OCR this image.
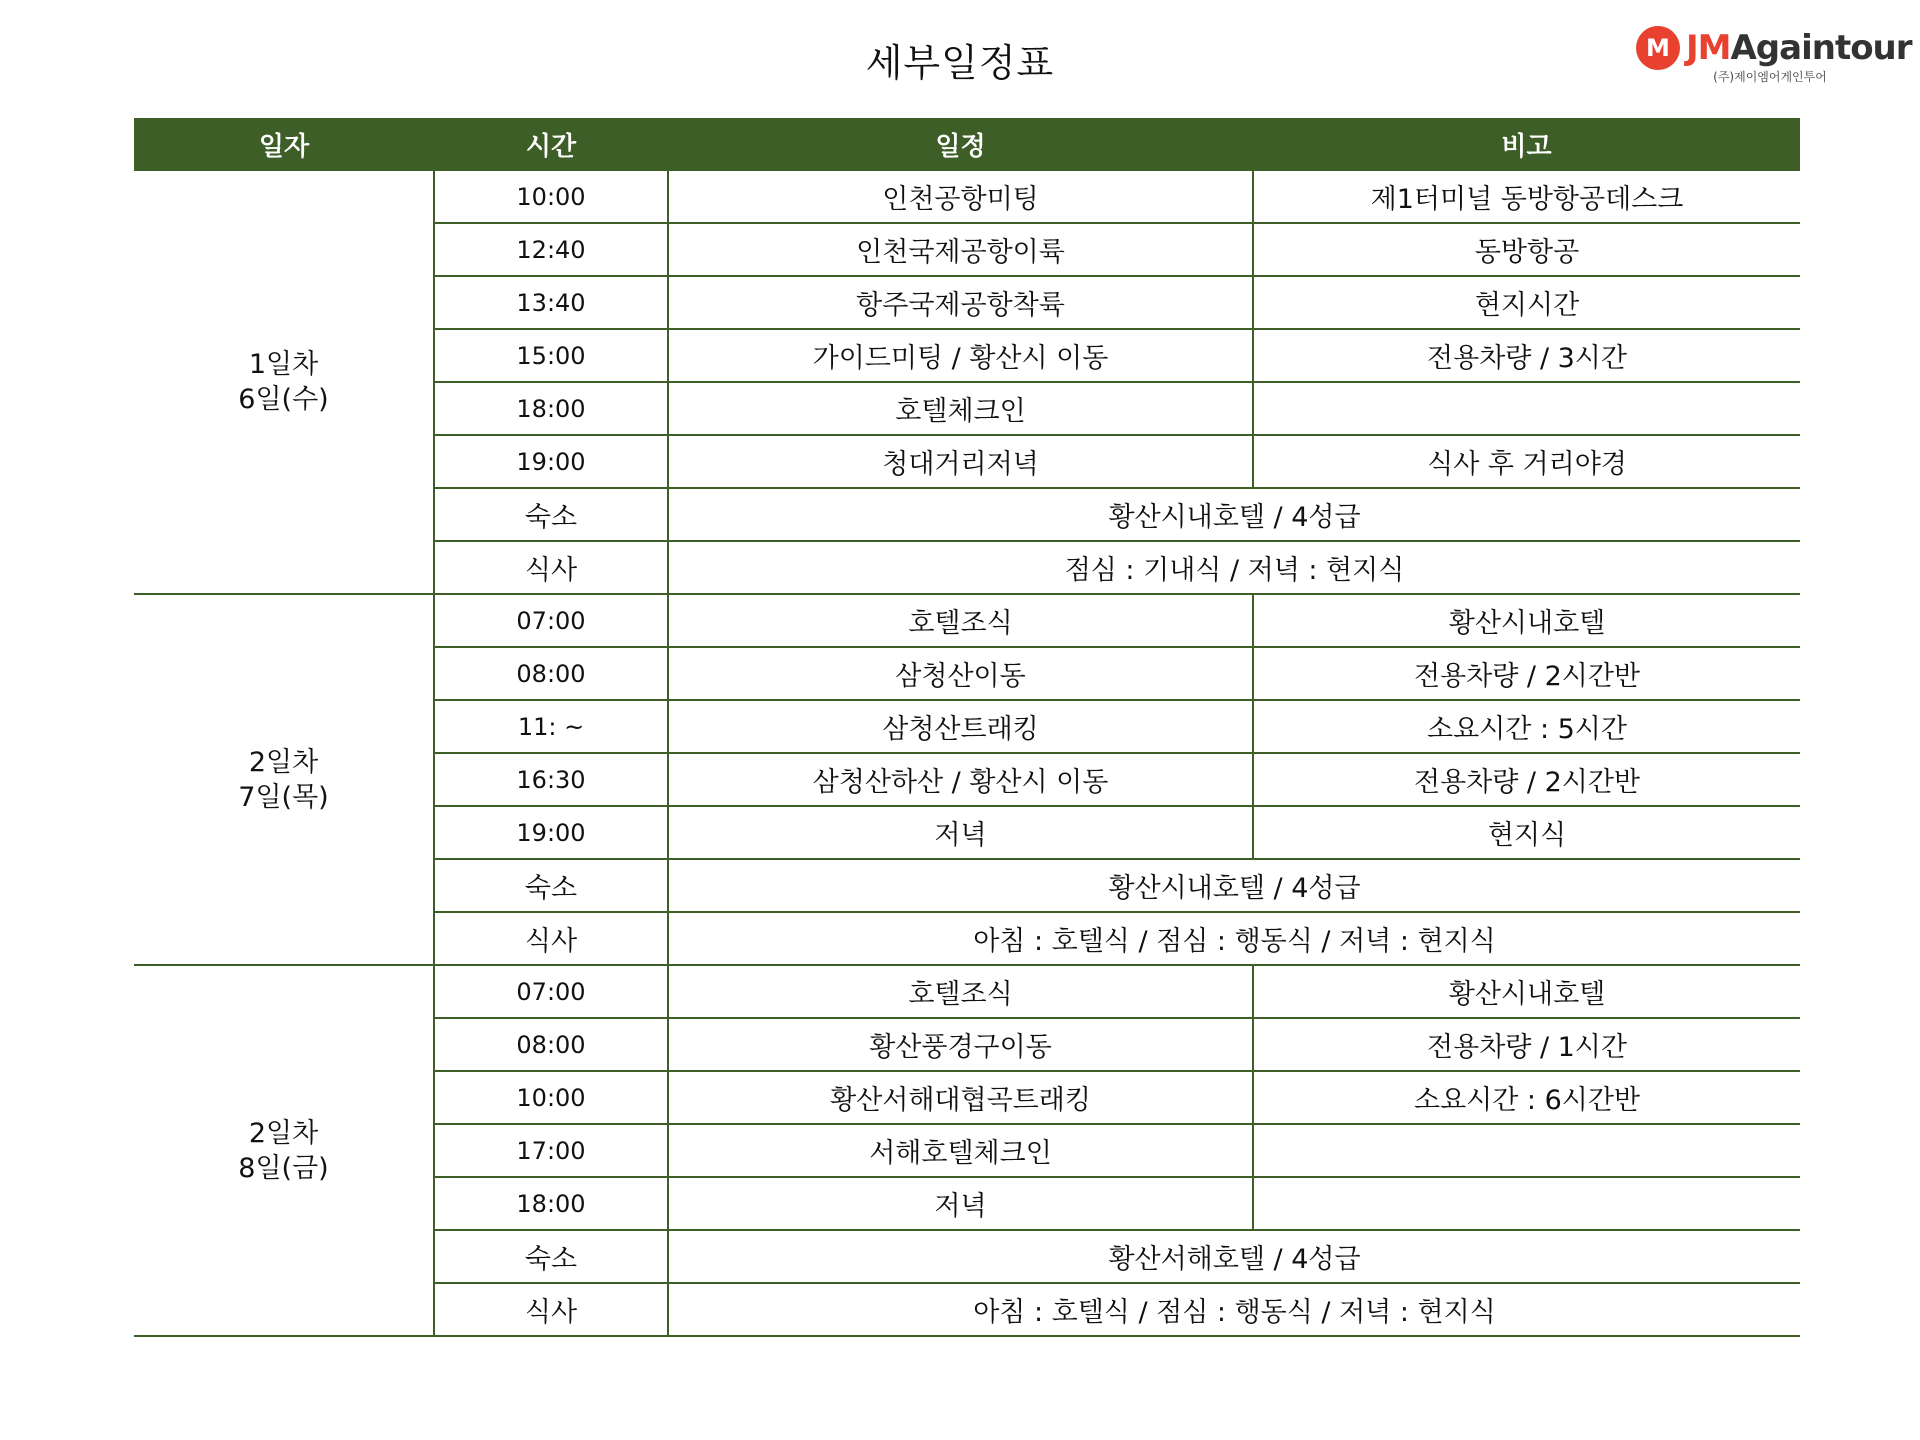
세부일정표	M JMAgaintour
(주)제이엠어게인투어
일자	시간	일정	비고

1일차
6일(수)	10:00	인천공항미팅	제1터미널 동방항공데스크
	12:40	인천국제공항이륙	동방항공
	13:40	항주국제공항착륙	현지시간
	15:00	가이드미팅 / 황산시 이동	전용차량 / 3시간
	18:00	호텔체크인	
	19:00	청대거리저녁	식사 후 거리야경
	숙소	황산시내호텔 / 4성급	
	식사	점심 : 기내식 / 저녁 : 현지식	

2일차
7일(목)	07:00	호텔조식	황산시내호텔
	08:00	삼청산이동	전용차량 / 2시간반
	11: ~	삼청산트래킹	소요시간 : 5시간
	16:30	삼청산하산 / 황산시 이동	전용차량 / 2시간반
	19:00	저녁	현지식
	숙소	황산시내호텔 / 4성급	
	식사	아침 : 호텔식 / 점심 : 행동식 / 저녁 : 현지식	

2일차
8일(금)	07:00	호텔조식	황산시내호텔
	08:00	황산풍경구이동	전용차량 / 1시간
	10:00	황산서해대협곡트래킹	소요시간 : 6시간반
	17:00	서해호텔체크인	
	18:00	저녁	
	숙소	황산서해호텔 / 4성급	
	식사	아침 : 호텔식 / 점심 : 행동식 / 저녁 : 현지식	
